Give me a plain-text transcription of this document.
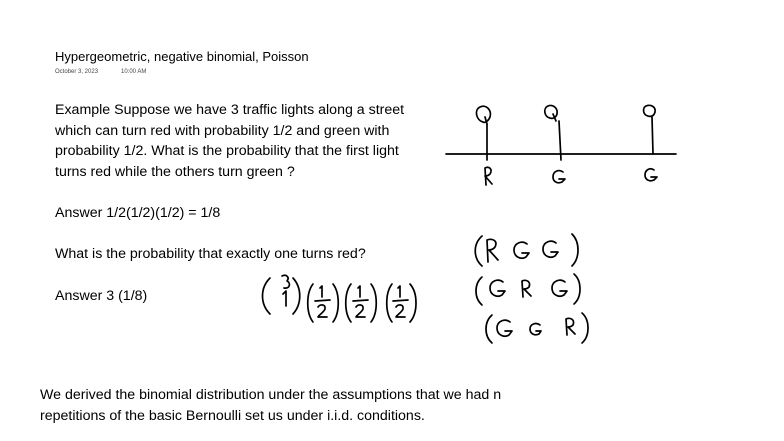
Hypergeometric, negative binomial, Poisson
October 3, 2023	10:00 AM
Example Suppose we have 3 traffic lights along a street which can turn red with probability 1/2 and green with probability 1/2. What is the probability that the first light turns red while the others turn green ?
Answer 1/2(1/2)(1/2) = 1/8
What is the probability that exactly one turns red?
Answer 3 (1/8)
We derived the binomial distribution under the assumptions that we had n repetitions of the basic Bernoulli set us under i.i.d. conditions.
